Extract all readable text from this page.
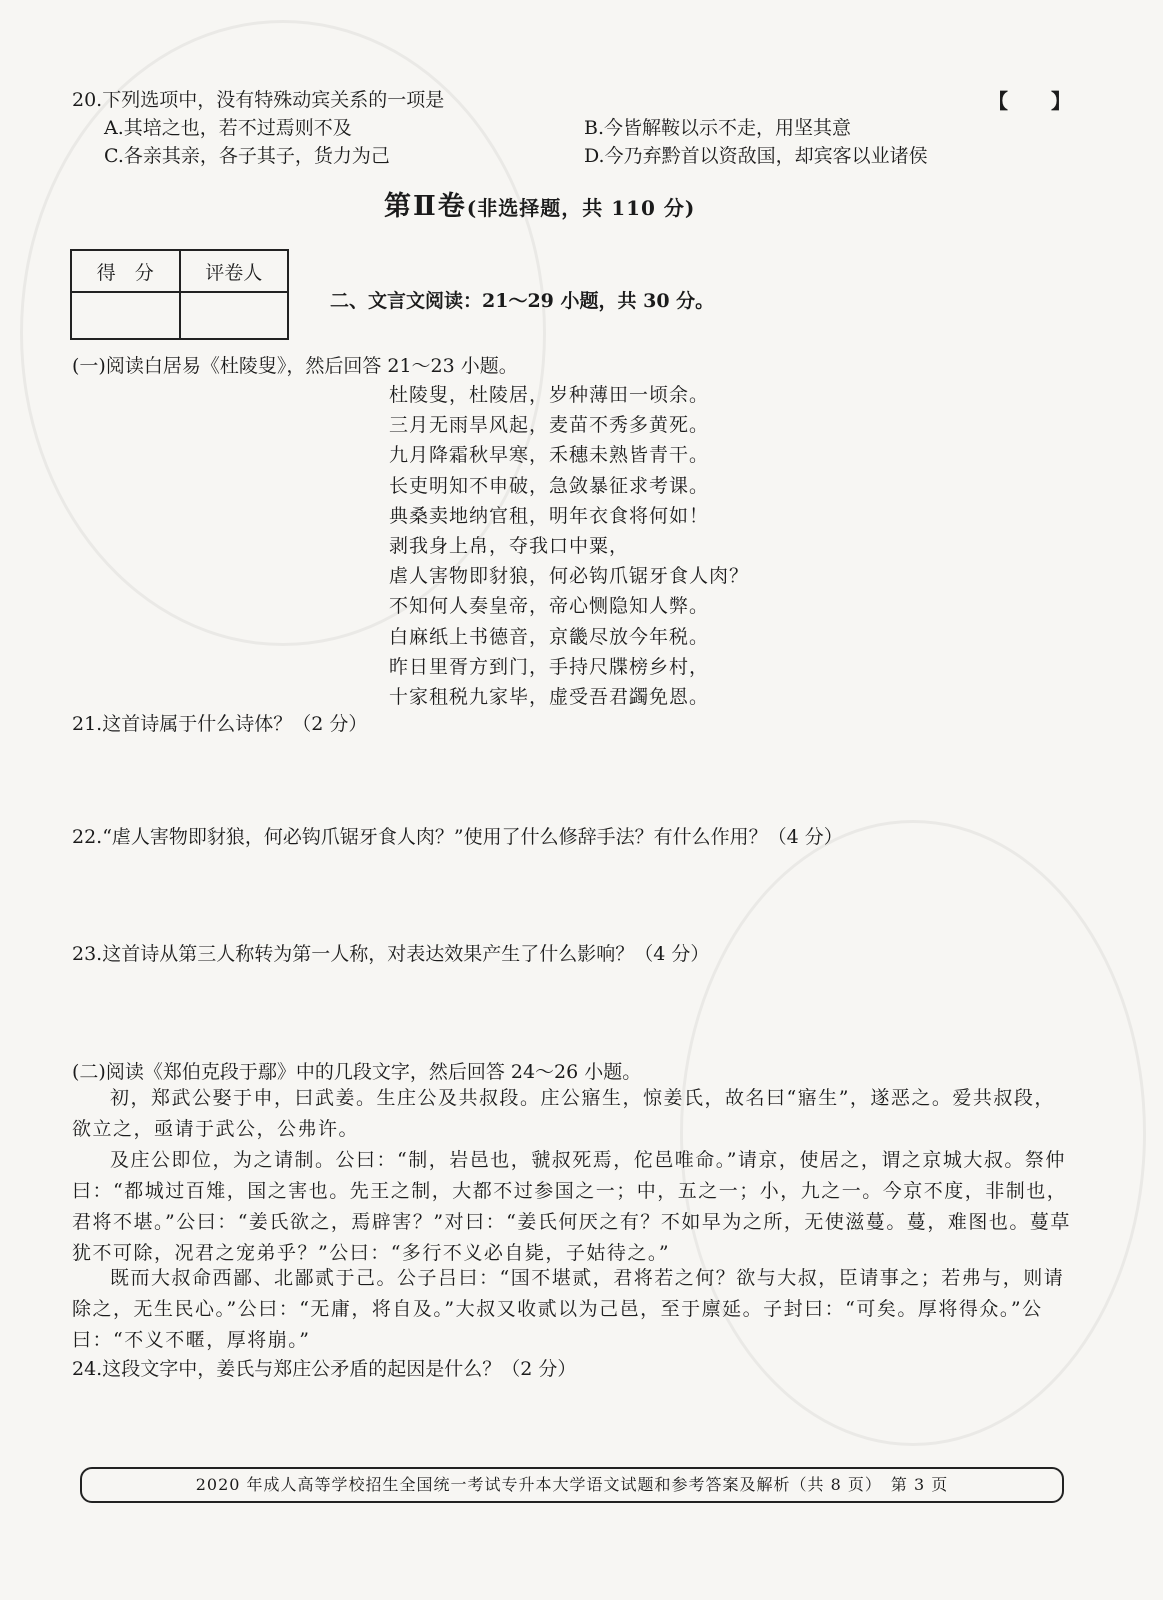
20.下列选项中，没有特殊动宾关系的一项是	【　　】
A.其培之也，若不过焉则不及	B.今皆解鞍以示不走，用坚其意
C.各亲其亲，各子其子，货力为己	D.今乃弃黔首以资敌国，却宾客以业诸侯
第Ⅱ卷(非选择题，共 110 分)
得　分	评卷人

二、文言文阅读：21～29 小题，共 30 分。
(一)阅读白居易《杜陵叟》，然后回答 21～23 小题。
杜陵叟，杜陵居，岁种薄田一顷余。
三月无雨旱风起，麦苗不秀多黄死。
九月降霜秋早寒，禾穗未熟皆青干。
长吏明知不申破，急敛暴征求考课。
典桑卖地纳官租，明年衣食将何如！
剥我身上帛，夺我口中粟，
虐人害物即豺狼，何必钩爪锯牙食人肉？
不知何人奏皇帝，帝心恻隐知人弊。
白麻纸上书德音，京畿尽放今年税。
昨日里胥方到门，手持尺牒榜乡村，
十家租税九家毕，虚受吾君蠲免恩。
21.这首诗属于什么诗体？（2 分）
22.“虐人害物即豺狼，何必钩爪锯牙食人肉？”使用了什么修辞手法？有什么作用？（4 分）
23.这首诗从第三人称转为第一人称，对表达效果产生了什么影响？（4 分）
(二)阅读《郑伯克段于鄢》中的几段文字，然后回答 24～26 小题。
初，郑武公娶于申，曰武姜。生庄公及共叔段。庄公寤生，惊姜氏，故名曰“寤生”，遂恶之。爱共叔段，欲立之，亟请于武公，公弗许。
及庄公即位，为之请制。公曰：“制，岩邑也，虢叔死焉，佗邑唯命。”请京，使居之，谓之京城大叔。祭仲曰：“都城过百雉，国之害也。先王之制，大都不过参国之一；中，五之一；小，九之一。今京不度，非制也，君将不堪。”公曰：“姜氏欲之，焉辟害？”对曰：“姜氏何厌之有？不如早为之所，无使滋蔓。蔓，难图也。蔓草犹不可除，况君之宠弟乎？”公曰：“多行不义必自毙，子姑待之。”
既而大叔命西鄙、北鄙贰于己。公子吕曰：“国不堪贰，君将若之何？欲与大叔，臣请事之；若弗与，则请除之，无生民心。”公曰：“无庸，将自及。”大叔又收贰以为己邑，至于廪延。子封曰：“可矣。厚将得众。”公曰：“不义不暱，厚将崩。”
24.这段文字中，姜氏与郑庄公矛盾的起因是什么？（2 分）
2020 年成人高等学校招生全国统一考试专升本大学语文试题和参考答案及解析（共 8 页）　第 3 页
